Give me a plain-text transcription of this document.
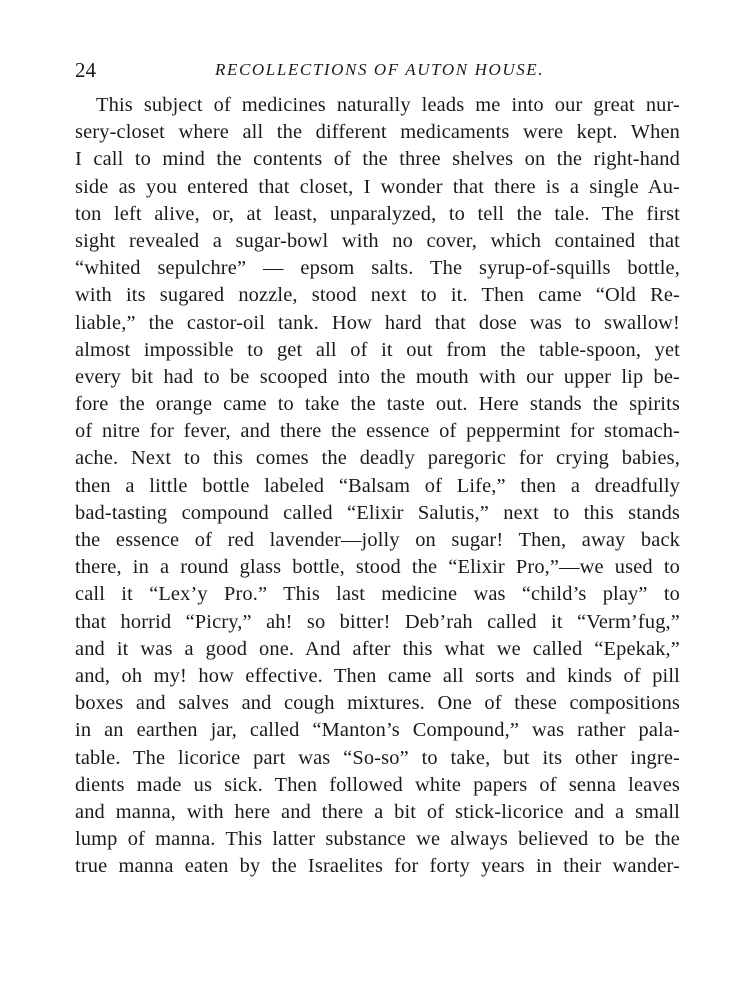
24	RECOLLECTIONS OF AUTON HOUSE.
This subject of medicines naturally leads me into our great nur-
sery-closet where all the different medicaments were kept. When
I call to mind the contents of the three shelves on the right-hand
side as you entered that closet, I wonder that there is a single Au-
ton left alive, or, at least, unparalyzed, to tell the tale. The first
sight revealed a sugar-bowl with no cover, which contained that
“whited sepulchre” — epsom salts. The syrup-of-squills bottle,
with its sugared nozzle, stood next to it. Then came “Old Re-
liable,” the castor-oil tank. How hard that dose was to swallow!
almost impossible to get all of it out from the table-spoon, yet
every bit had to be scooped into the mouth with our upper lip be-
fore the orange came to take the taste out. Here stands the spirits
of nitre for fever, and there the essence of peppermint for stomach-
ache. Next to this comes the deadly paregoric for crying babies,
then a little bottle labeled “Balsam of Life,” then a dreadfully
bad-tasting compound called “Elixir Salutis,” next to this stands
the essence of red lavender—jolly on sugar! Then, away back
there, in a round glass bottle, stood the “Elixir Pro,”—we used to
call it “Lex’y Pro.” This last medicine was “child’s play” to
that horrid “Picry,” ah! so bitter! Deb’rah called it “Verm’fug,”
and it was a good one. And after this what we called “Epekak,”
and, oh my! how effective. Then came all sorts and kinds of pill
boxes and salves and cough mixtures. One of these compositions
in an earthen jar, called “Manton’s Compound,” was rather pala-
table. The licorice part was “So-so” to take, but its other ingre-
dients made us sick. Then followed white papers of senna leaves
and manna, with here and there a bit of stick-licorice and a small
lump of manna. This latter substance we always believed to be the
true manna eaten by the Israelites for forty years in their wander-
